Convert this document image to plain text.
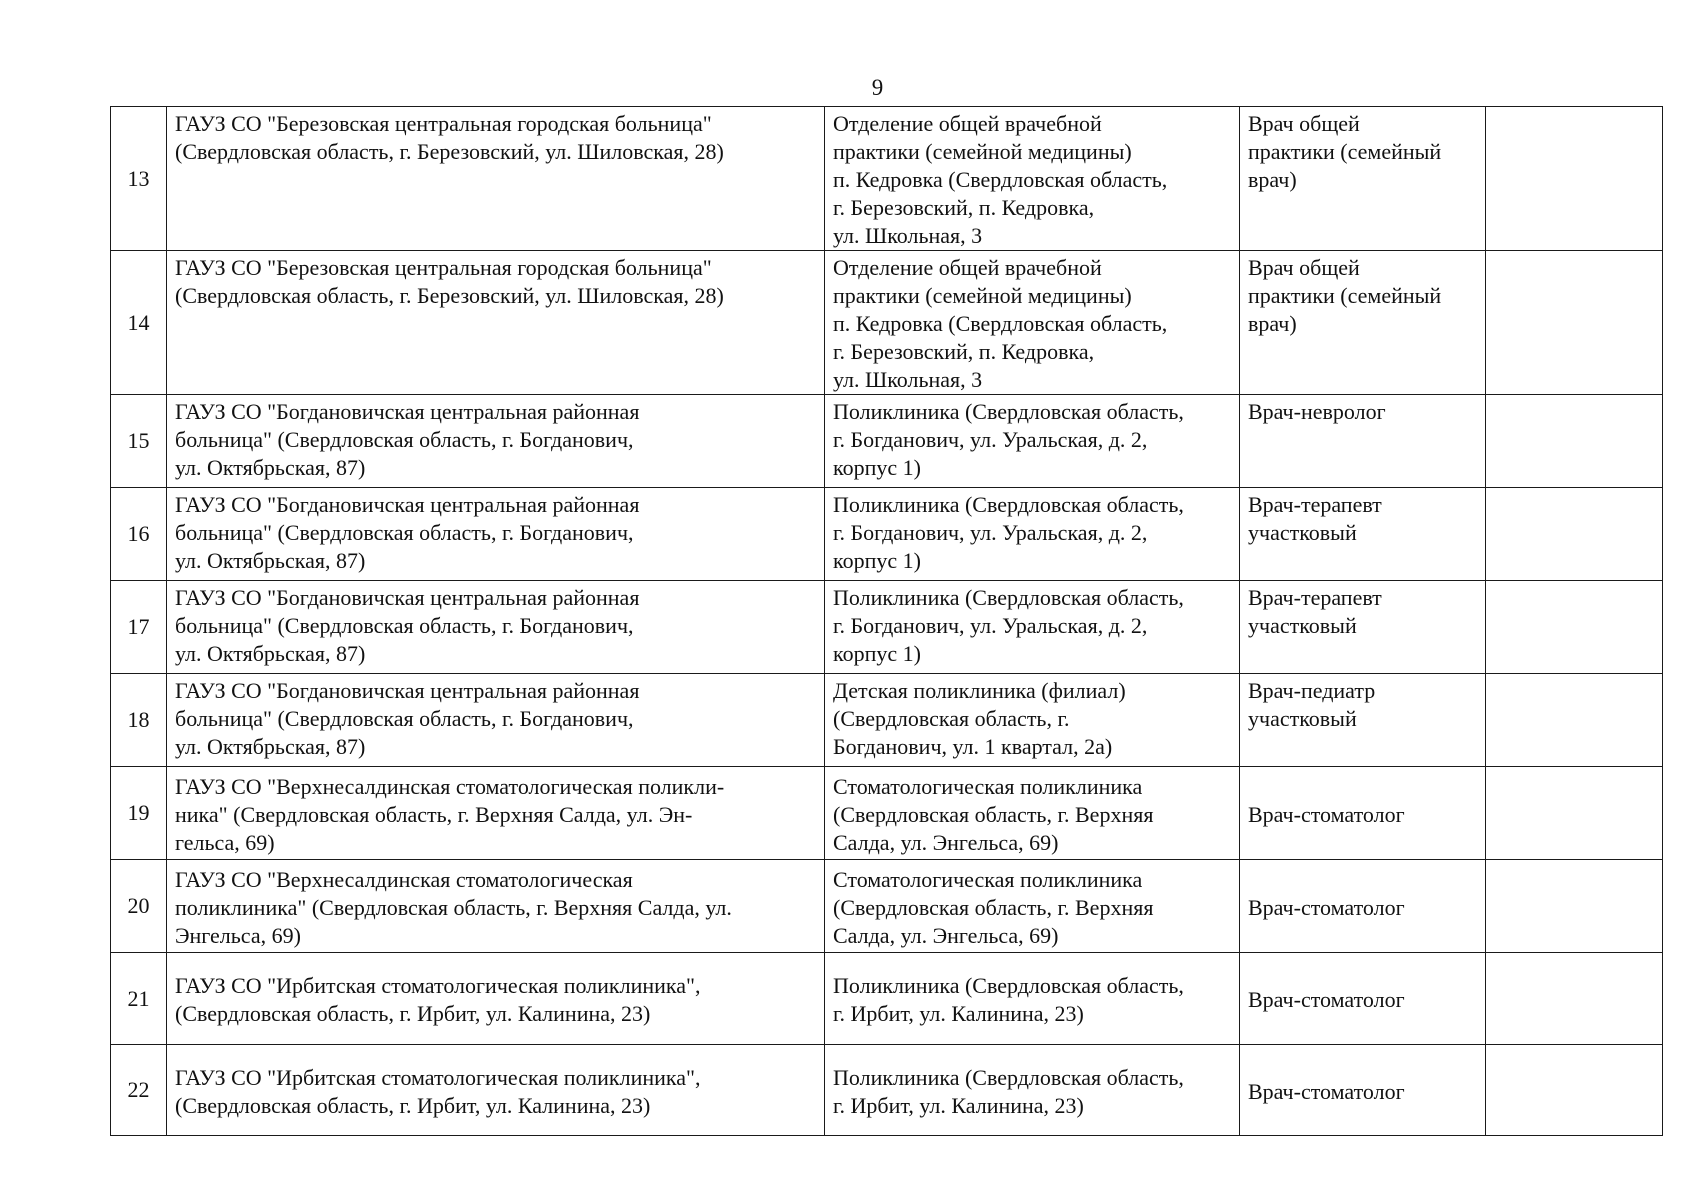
9
13	ГАУЗ СО "Березовская центральная городская больница"
(Свердловская область, г. Березовский, ул. Шиловская, 28)	Отделение общей врачебной
практики (семейной медицины)
п. Кедровка (Свердловская область,
г. Березовский, п. Кедровка,
ул. Школьная, 3	Врач общей
практики (семейный
врач)	

14	ГАУЗ СО "Березовская центральная городская больница"
(Свердловская область, г. Березовский, ул. Шиловская, 28)	Отделение общей врачебной
практики (семейной медицины)
п. Кедровка (Свердловская область,
г. Березовский, п. Кедровка,
ул. Школьная, 3	Врач общей
практики (семейный
врач)	

15	ГАУЗ СО "Богдановичская центральная районная
больница" (Свердловская область, г. Богданович,
ул. Октябрьская, 87)	Поликлиника (Свердловская область,
г. Богданович, ул. Уральская, д. 2,
корпус 1)	Врач-невролог	

16	ГАУЗ СО "Богдановичская центральная районная
больница" (Свердловская область, г. Богданович,
ул. Октябрьская, 87)	Поликлиника (Свердловская область,
г. Богданович, ул. Уральская, д. 2,
корпус 1)	Врач-терапевт
участковый	

17	ГАУЗ СО "Богдановичская центральная районная
больница" (Свердловская область, г. Богданович,
ул. Октябрьская, 87)	Поликлиника (Свердловская область,
г. Богданович, ул. Уральская, д. 2,
корпус 1)	Врач-терапевт
участковый	

18	ГАУЗ СО "Богдановичская центральная районная
больница" (Свердловская область, г. Богданович,
ул. Октябрьская, 87)	Детская поликлиника (филиал)
(Свердловская область, г.
Богданович, ул. 1 квартал, 2а)	Врач-педиатр
участковый	

19	ГАУЗ СО "Верхнесалдинская стоматологическая поликли-
ника" (Свердловская область, г. Верхняя Салда, ул. Эн-
гельса, 69)	Стоматологическая поликлиника
(Свердловская область, г. Верхняя
Салда, ул. Энгельса, 69)	Врач-стоматолог	

20	ГАУЗ СО "Верхнесалдинская стоматологическая
поликлиника" (Свердловская область, г. Верхняя Салда, ул.
Энгельса, 69)	Стоматологическая поликлиника
(Свердловская область, г. Верхняя
Салда, ул. Энгельса, 69)	Врач-стоматолог	

21	ГАУЗ СО "Ирбитская стоматологическая поликлиника",
(Свердловская область, г. Ирбит, ул. Калинина, 23)	Поликлиника (Свердловская область,
г. Ирбит, ул. Калинина, 23)	Врач-стоматолог	

22	ГАУЗ СО "Ирбитская стоматологическая поликлиника",
(Свердловская область, г. Ирбит, ул. Калинина, 23)	Поликлиника (Свердловская область,
г. Ирбит, ул. Калинина, 23)	Врач-стоматолог	
